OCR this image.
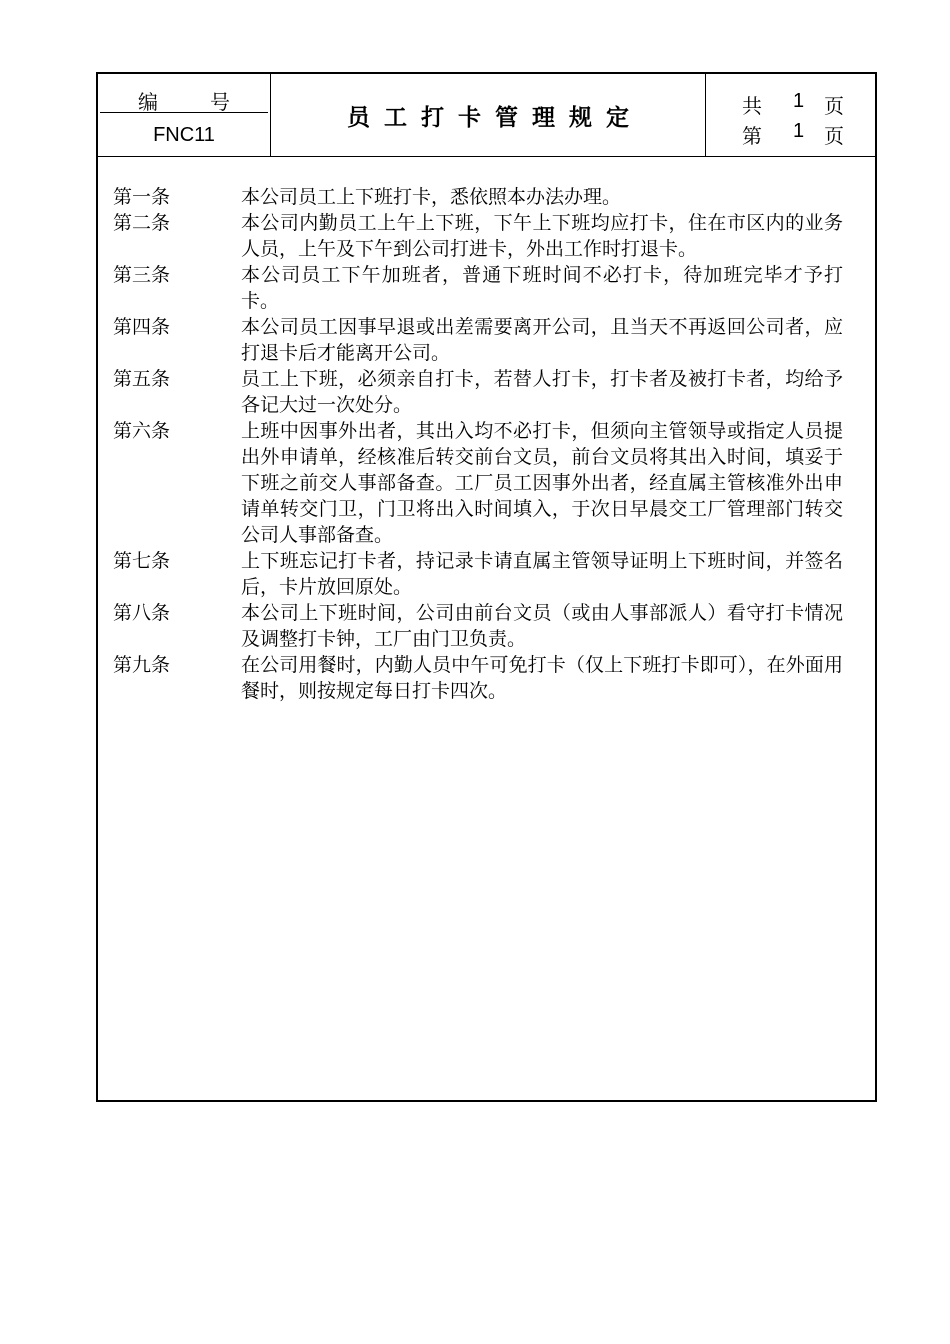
编	号
FNC11
员工打卡管理规定	共 1 页
第 1 页
第一条	本公司员工上下班打卡，悉依照本办法办理。
第二条	本公司内勤员工上午上下班，下午上下班均应打卡，住在市区内的业务人员，上午及下午到公司打进卡，外出工作时打退卡。
第三条	本公司员工下午加班者，普通下班时间不必打卡，待加班完毕才予打卡。
第四条	本公司员工因事早退或出差需要离开公司，且当天不再返回公司者，应打退卡后才能离开公司。
第五条	员工上下班，必须亲自打卡，若替人打卡，打卡者及被打卡者，均给予各记大过一次处分。
第六条	上班中因事外出者，其出入均不必打卡，但须向主管领导或指定人员提出外申请单，经核准后转交前台文员，前台文员将其出入时间，填妥于下班之前交人事部备查。工厂员工因事外出者，经直属主管核准外出申请单转交门卫，门卫将出入时间填入，于次日早晨交工厂管理部门转交公司人事部备查。
第七条	上下班忘记打卡者，持记录卡请直属主管领导证明上下班时间，并签名后，卡片放回原处。
第八条	本公司上下班时间，公司由前台文员（或由人事部派人）看守打卡情况及调整打卡钟，工厂由门卫负责。
第九条	在公司用餐时，内勤人员中午可免打卡（仅上下班打卡即可），在外面用餐时，则按规定每日打卡四次。
